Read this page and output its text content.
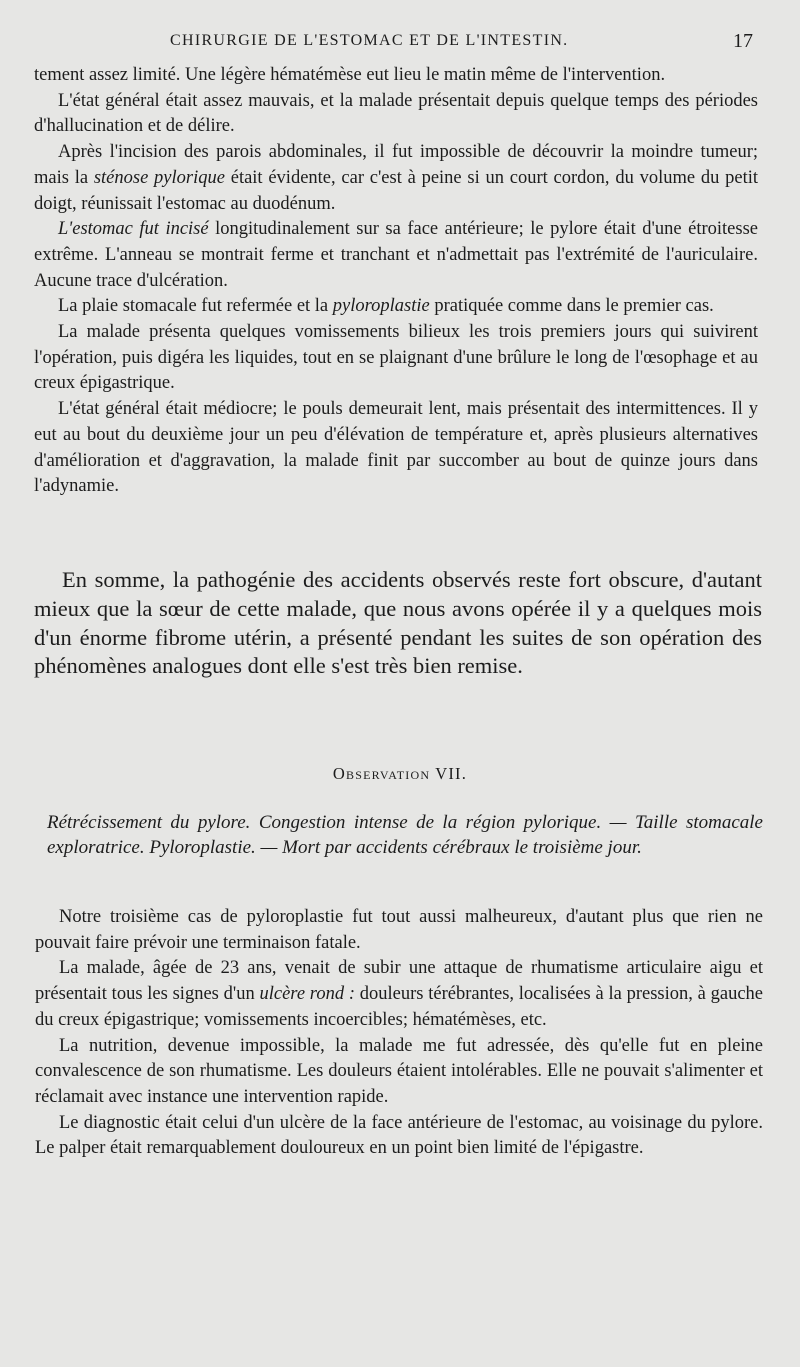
CHIRURGIE DE L'ESTOMAC ET DE L'INTESTIN.	17

tement assez limité. Une légère hématémèse eut lieu le matin même de l'intervention.

L'état général était assez mauvais, et la malade présentait depuis quelque temps des périodes d'hallucination et de délire.

Après l'incision des parois abdominales, il fut impossible de découvrir la moindre tumeur; mais la sténose pylorique était évidente, car c'est à peine si un court cordon, du volume du petit doigt, réunissait l'estomac au duodénum.

L'estomac fut incisé longitudinalement sur sa face antérieure; le pylore était d'une étroitesse extrême. L'anneau se montrait ferme et tranchant et n'admettait pas l'extrémité de l'auriculaire. Aucune trace d'ulcération.

La plaie stomacale fut refermée et la pyloroplastie pratiquée comme dans le premier cas.

La malade présenta quelques vomissements bilieux les trois premiers jours qui suivirent l'opération, puis digéra les liquides, tout en se plaignant d'une brûlure le long de l'œsophage et au creux épigastrique.

L'état général était médiocre; le pouls demeurait lent, mais présentait des intermittences. Il y eut au bout du deuxième jour un peu d'élévation de température et, après plusieurs alternatives d'amélioration et d'aggravation, la malade finit par succomber au bout de quinze jours dans l'adynamie.

En somme, la pathogénie des accidents observés reste fort obscure, d'autant mieux que la sœur de cette malade, que nous avons opérée il y a quelques mois d'un énorme fibrome utérin, a présenté pendant les suites de son opération des phénomènes analogues dont elle s'est très bien remise.

Observation VII.
Rétrécissement du pylore. Congestion intense de la région pylorique. — Taille stomacale exploratrice. Pyloroplastie. — Mort par accidents cérébraux le troisième jour.

Notre troisième cas de pyloroplastie fut tout aussi malheureux, d'autant plus que rien ne pouvait faire prévoir une terminaison fatale.

La malade, âgée de 23 ans, venait de subir une attaque de rhumatisme articulaire aigu et présentait tous les signes d'un ulcère rond : douleurs térébrantes, localisées à la pression, à gauche du creux épigastrique; vomissements incoercibles; hématémèses, etc.

La nutrition, devenue impossible, la malade me fut adressée, dès qu'elle fut en pleine convalescence de son rhumatisme. Les douleurs étaient intolérables. Elle ne pouvait s'alimenter et réclamait avec instance une intervention rapide.

Le diagnostic était celui d'un ulcère de la face antérieure de l'estomac, au voisinage du pylore. Le palper était remarquablement douloureux en un point bien limité de l'épigastre.
